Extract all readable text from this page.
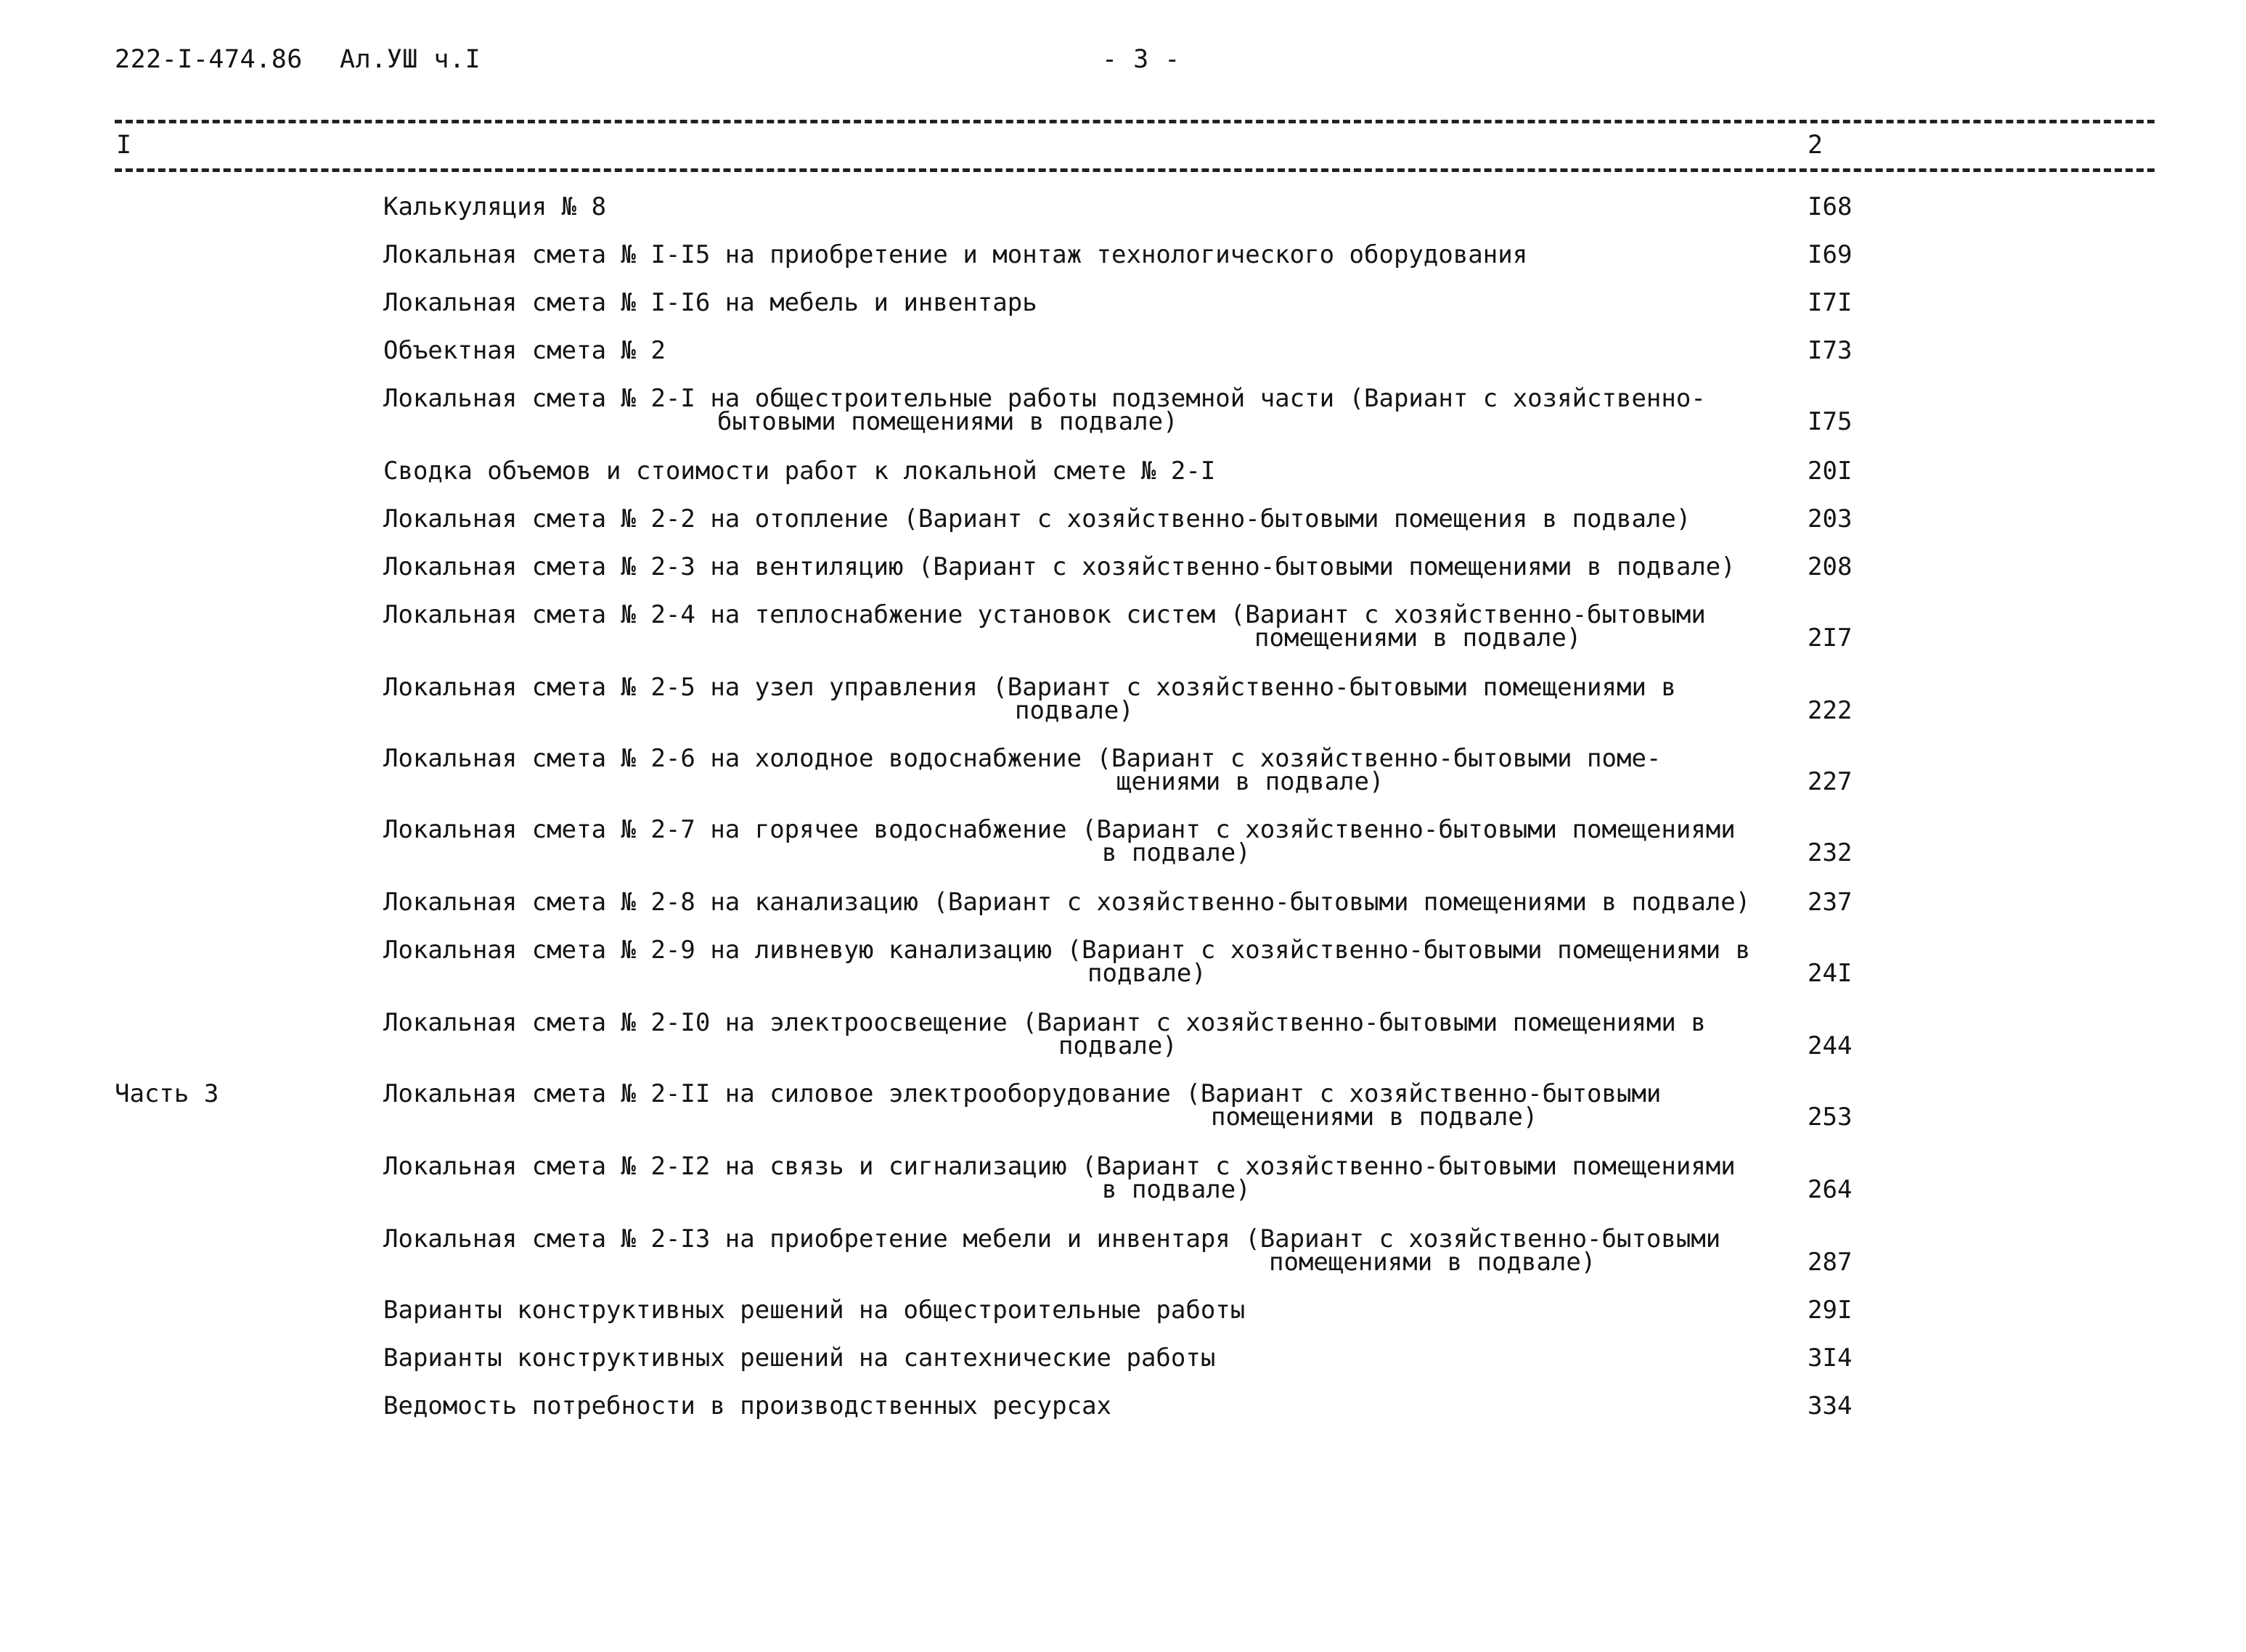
222-I-474.86 Ал.УШ ч.I	- 3 -
I	2
Калькуляция № 8	I68
Локальная смета № I-I5 на приобретение и монтаж технологического оборудования	I69
Локальная смета № I-I6 на мебель и инвентарь	I7I
Объектная смета № 2	I73
Локальная смета № 2-I на общестроительные работы подземной части (Вариант с хозяйственно-
бытовыми помещениями в подвале)	I75
Сводка объемов и стоимости работ к локальной смете № 2-I	20I
Локальная смета № 2-2 на отопление (Вариант с хозяйственно-бытовыми помещения в подвале)	203
Локальная смета № 2-3 на вентиляцию (Вариант с хозяйственно-бытовыми помещениями в подвале)	208
Локальная смета № 2-4 на теплоснабжение установок систем (Вариант с хозяйственно-бытовыми
помещениями в подвале)	2I7
Локальная смета № 2-5 на узел управления (Вариант с хозяйственно-бытовыми помещениями в
подвале)	222
Локальная смета № 2-6 на холодное водоснабжение (Вариант с хозяйственно-бытовыми поме-
щениями в подвале)	227
Локальная смета № 2-7 на горячее водоснабжение (Вариант с хозяйственно-бытовыми помещениями
в подвале)	232
Локальная смета № 2-8 на канализацию (Вариант с хозяйственно-бытовыми помещениями в подвале)	237
Локальная смета № 2-9 на ливневую канализацию (Вариант с хозяйственно-бытовыми помещениями в
подвале)	24I
Локальная смета № 2-I0 на электроосвещение (Вариант с хозяйственно-бытовыми помещениями в
подвале)	244
Часть 3	Локальная смета № 2-II на силовое электрооборудование (Вариант с хозяйственно-бытовыми
помещениями в подвале)	253
Локальная смета № 2-I2 на связь и сигнализацию (Вариант с хозяйственно-бытовыми помещениями
в подвале)	264
Локальная смета № 2-I3 на приобретение мебели и инвентаря (Вариант с хозяйственно-бытовыми
помещениями в подвале)	287
Варианты конструктивных решений на общестроительные работы	29I
Варианты конструктивных решений на сантехнические работы	3I4
Ведомость потребности в производственных ресурсах	334
